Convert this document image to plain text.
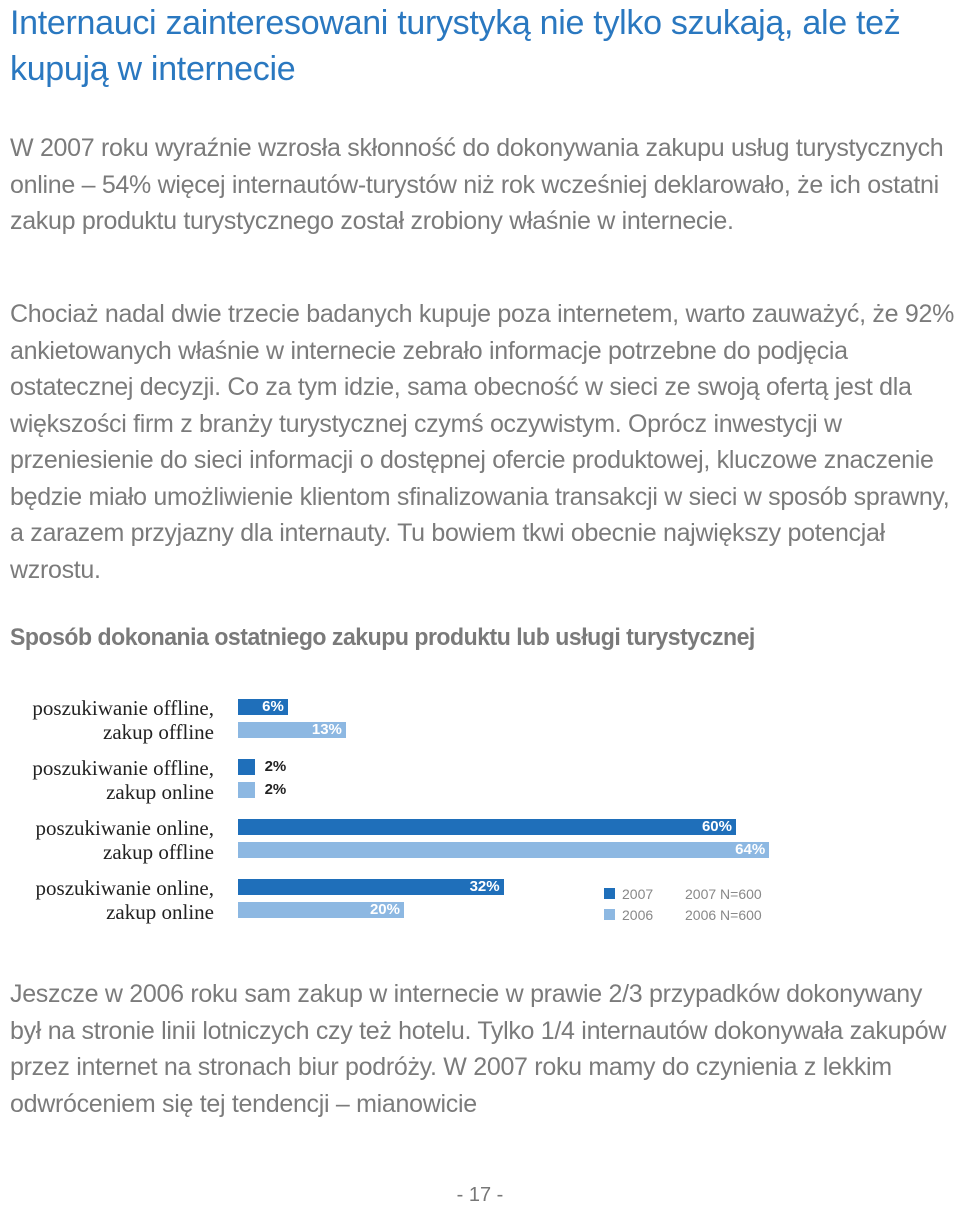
Internauci zainteresowani turystyką nie tylko szukają, ale też kupują w internecie

W 2007 roku wyraźnie wzrosła skłonność do dokonywania zakupu usług turystycznych online – 54% więcej internautów-turystów niż rok wcześniej deklarowało, że ich ostatni zakup produktu turystycznego został zrobiony właśnie w internecie.

Chociaż nadal dwie trzecie badanych kupuje poza internetem, warto zauważyć, że 92% ankietowanych właśnie w internecie zebrało informacje potrzebne do podjęcia ostatecznej decyzji. Co za tym idzie, sama obecność w sieci ze swoją ofertą jest dla większości firm z branży turystycznej czymś oczywistym. Oprócz inwestycji w przeniesienie do sieci informacji o dostępnej ofercie produktowej, kluczowe znaczenie będzie miało umożliwienie klientom sfinalizowania transakcji w sieci w sposób sprawny, a zarazem przyjazny dla internauty. Tu bowiem tkwi obecnie największy potencjał wzrostu.

Sposób dokonania ostatniego zakupu produktu lub usługi turystycznej
poszukiwanie offline,
zakup offline
6%
13%
poszukiwanie offline,
zakup online
2%
2%
poszukiwanie online,
zakup offline
60%
64%
poszukiwanie online,
zakup online
32%
20%
2007 2007 N=600
2006 2006 N=600

Jeszcze w 2006 roku sam zakup w internecie w prawie 2/3 przypadków dokonywany był na stronie linii lotniczych czy też hotelu. Tylko 1/4 internautów dokonywała zakupów przez internet na stronach biur podróży. W 2007 roku mamy do czynienia z lekkim odwróceniem się tej tendencji – mianowicie

- 17 -
